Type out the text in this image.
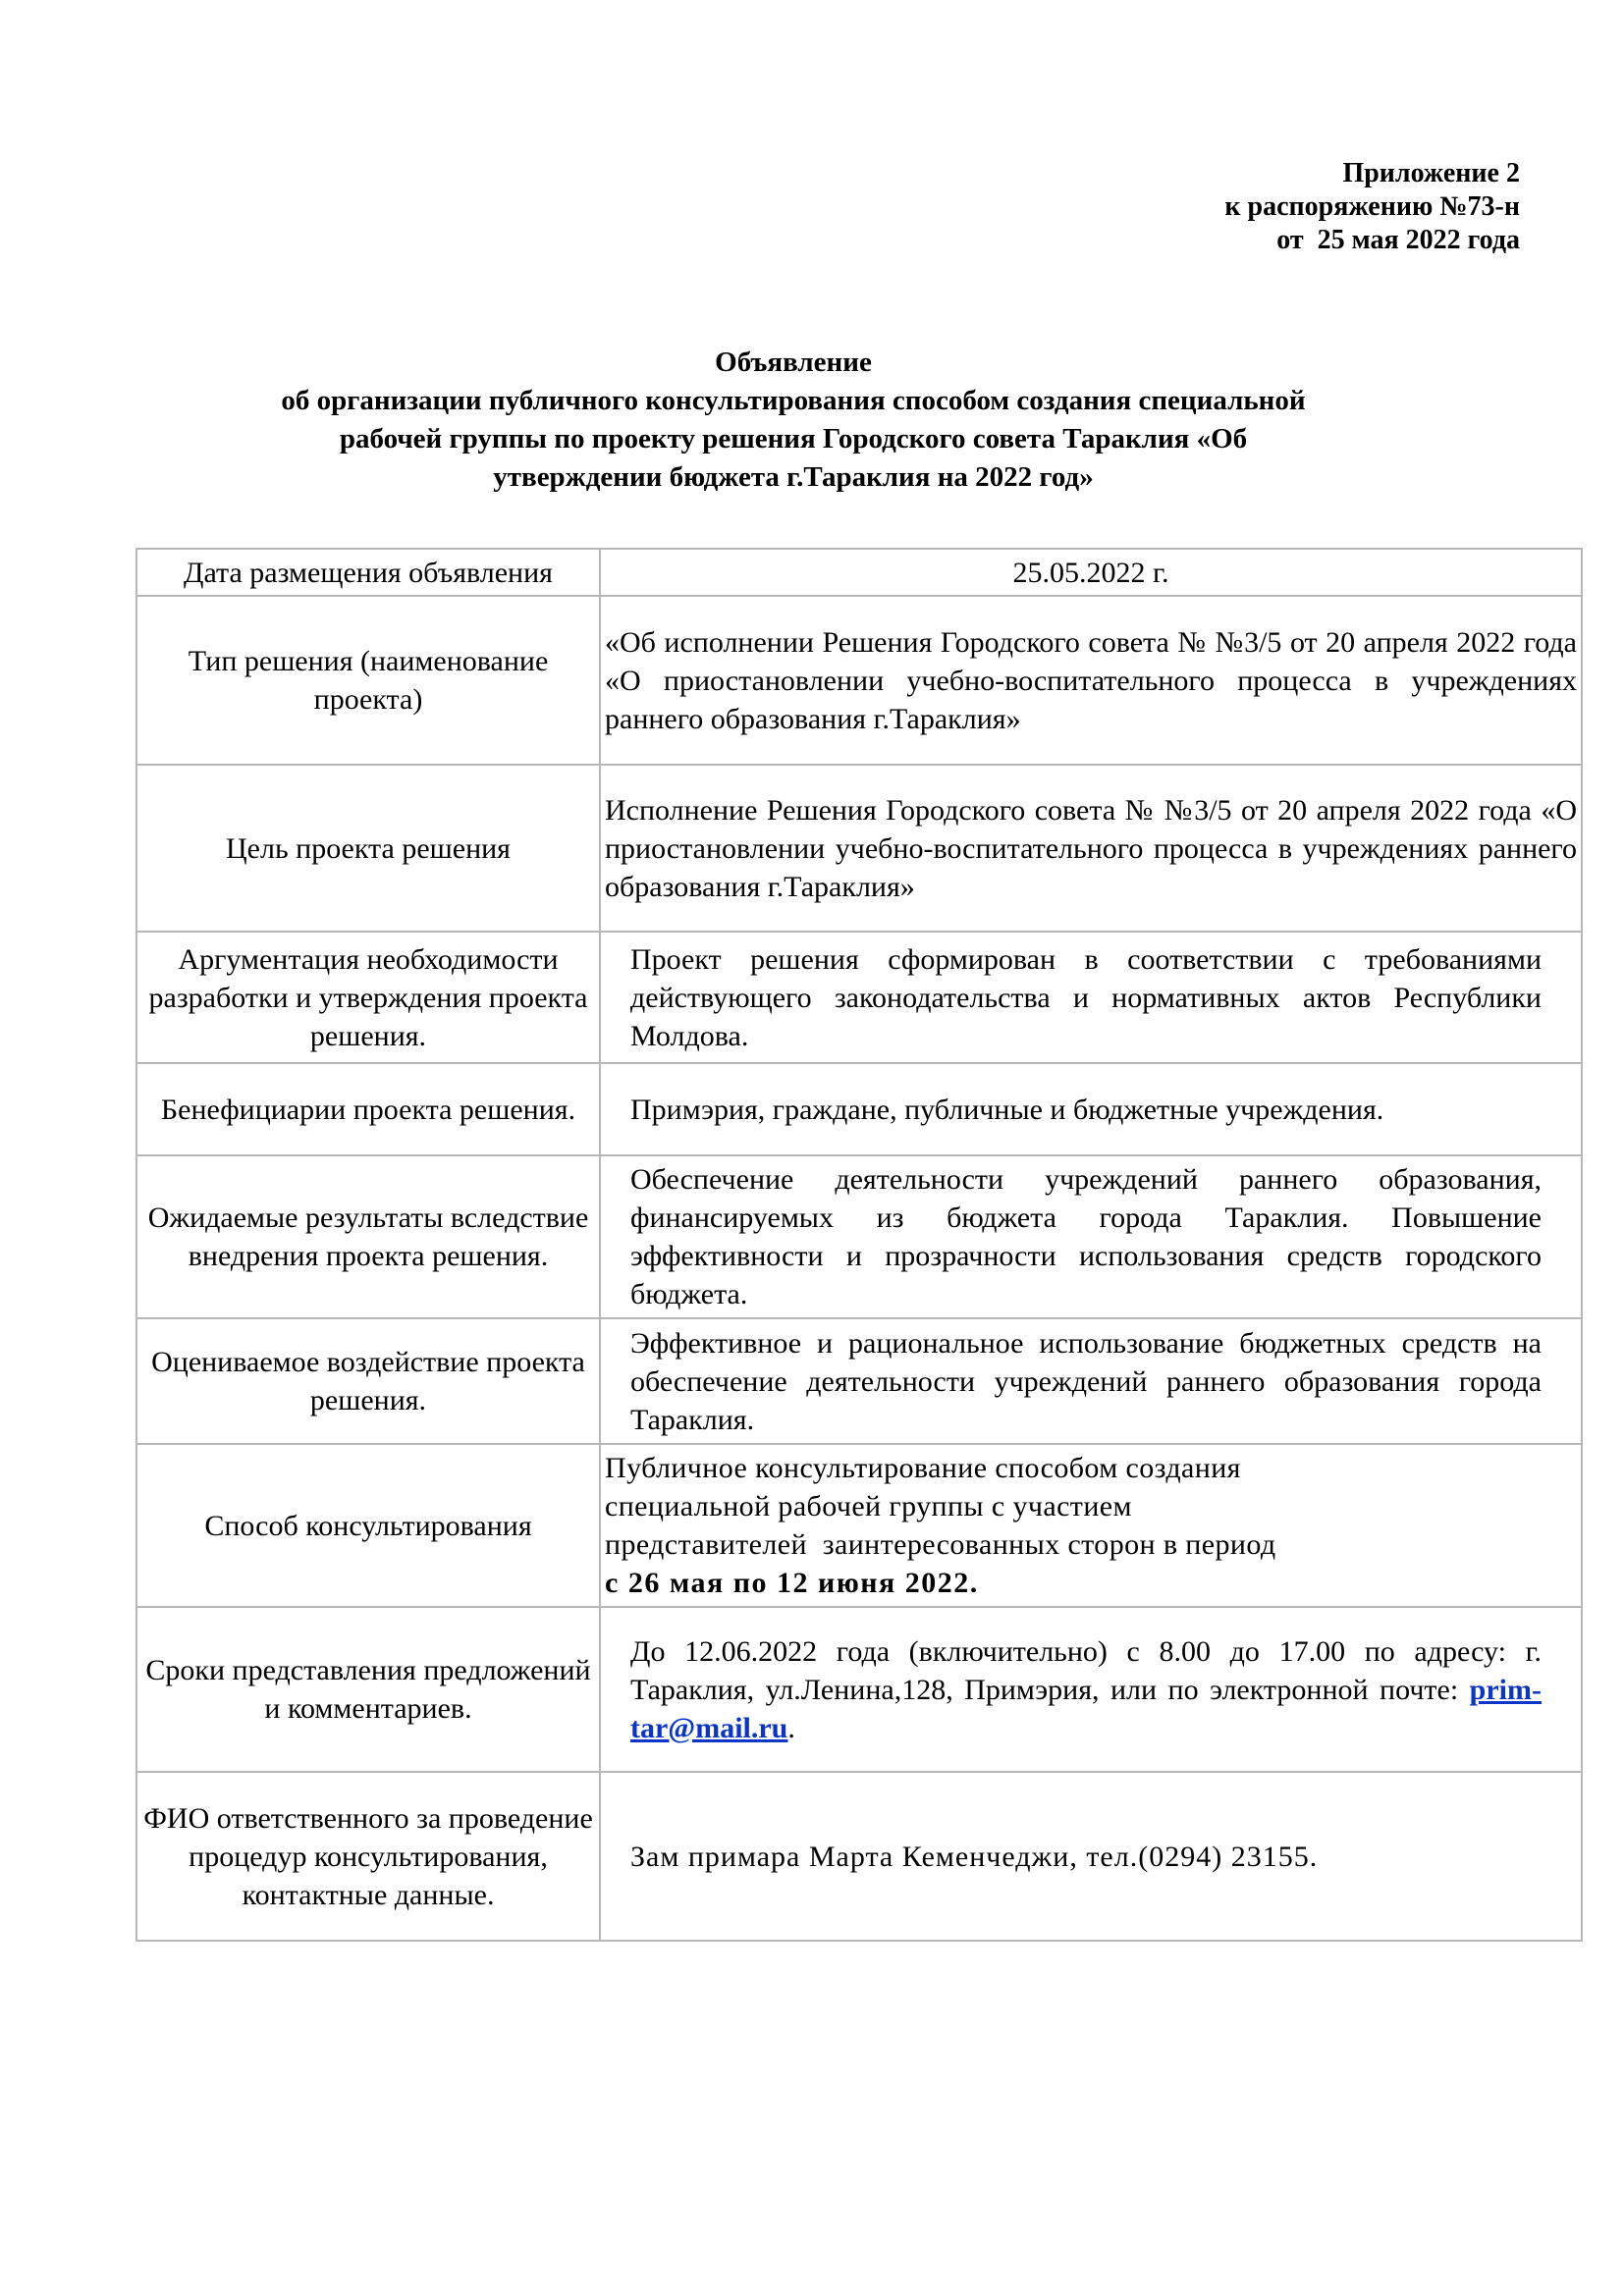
Приложение 2
к распоряжению №73-н
от  25 мая 2022 года
Объявление
об организации публичного консультирования способом создания специальной
рабочей группы по проекту решения Городского совета Тараклия «Об
утверждении бюджета г.Тараклия на 2022 год»
Дата размещения объявления	25.05.2022 г.
Тип решения (наименование проекта)	«Об исполнении Решения Городского совета № №3/5 от 20 апреля 2022 года «О приостановлении учебно-воспитательного процесса в учреждениях раннего образования г.Тараклия»
Цель проекта решения	Исполнение Решения Городского совета № №3/5 от 20 апреля 2022 года «О приостановлении учебно-воспитательного процесса в учреждениях раннего образования г.Тараклия»
Аргументация необходимости разработки и утверждения проекта решения.	Проект решения сформирован в соответствии с требованиями действующего законодательства и нормативных актов Республики Молдова.
Бенефициарии проекта решения.	Примэрия, граждане, публичные и бюджетные учреждения.
Ожидаемые результаты вследствие внедрения проекта решения.	Обеспечение деятельности учреждений раннего образования, финансируемых из бюджета города Тараклия. Повышение эффективности и прозрачности использования средств городского бюджета.
Оцениваемое воздействие проекта решения.	Эффективное и рациональное использование бюджетных средств на обеспечение деятельности учреждений раннего образования города Тараклия.
Способ консультирования	Публичное консультирование способом создания
специальной рабочей группы с участием
представителей  заинтересованных сторон в период
с 26 мая по 12 июня 2022.

Сроки представления предложений и комментариев.	До 12.06.2022 года (включительно) с 8.00 до 17.00 по адресу: г. Тараклия, ул.Ленина,128, Примэрия, или по электронной почте: prim-tar@mail.ru.
ФИО ответственного за проведение процедур консультирования, контактные данные.	Зам примара Марта Кеменчеджи, тел.(0294) 23155.
